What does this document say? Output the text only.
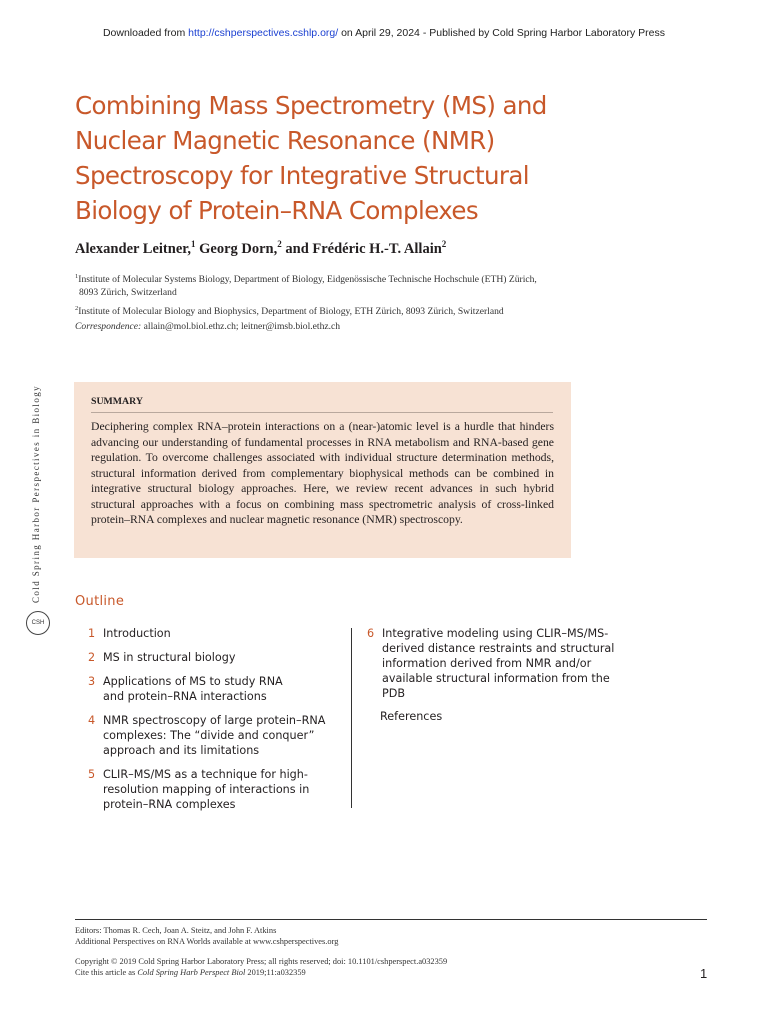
Downloaded from http://cshperspectives.cshlp.org/ on April 29, 2024 - Published by Cold Spring Harbor Laboratory Press
Combining Mass Spectrometry (MS) and
Nuclear Magnetic Resonance (NMR)
Spectroscopy for Integrative Structural
Biology of Protein–RNA Complexes
Alexander Leitner,$^1$ Georg Dorn,$^2$ and Frédéric H.-T. Allain$^2$
$^1$Institute of Molecular Systems Biology, Department of Biology, Eidgenössische Technische Hochschule (ETH) Zürich,
8093 Zürich, Switzerland
$^2$Institute of Molecular Biology and Biophysics, Department of Biology, ETH Zürich, 8093 Zürich, Switzerland
Correspondence: allain@mol.biol.ethz.ch; leitner@imsb.biol.ethz.ch
Cold Spring Harbor Perspectives in Biology
CSH
SUMMARY
Deciphering complex RNA–protein interactions on a (near-)atomic level is a hurdle that hinders advancing our understanding of fundamental processes in RNA metabolism and RNA-based gene regulation. To overcome challenges associated with individual structure determination methods, structural information derived from complementary biophysical methods can be combined in integrative structural biology approaches. Here, we review recent advances in such hybrid structural approaches with a focus on combining mass spectrometric analysis of cross-linked protein–RNA complexes and nuclear magnetic resonance (NMR) spectroscopy.
Outline
1 Introduction
2 MS in structural biology
3 Applications of MS to study RNA and protein–RNA interactions
4 NMR spectroscopy of large protein–RNA complexes: The “divide and conquer” approach and its limitations
5 CLIR–MS/MS as a technique for high-resolution mapping of interactions in protein–RNA complexes
6 Integrative modeling using CLIR–MS/MS-derived distance restraints and structural information derived from NMR and/or available structural information from the PDB
References
Editors: Thomas R. Cech, Joan A. Steitz, and John F. Atkins
Additional Perspectives on RNA Worlds available at www.cshperspectives.org
Copyright © 2019 Cold Spring Harbor Laboratory Press; all rights reserved; doi: 10.1101/cshperspect.a032359
Cite this article as Cold Spring Harb Perspect Biol 2019;11:a032359	1
